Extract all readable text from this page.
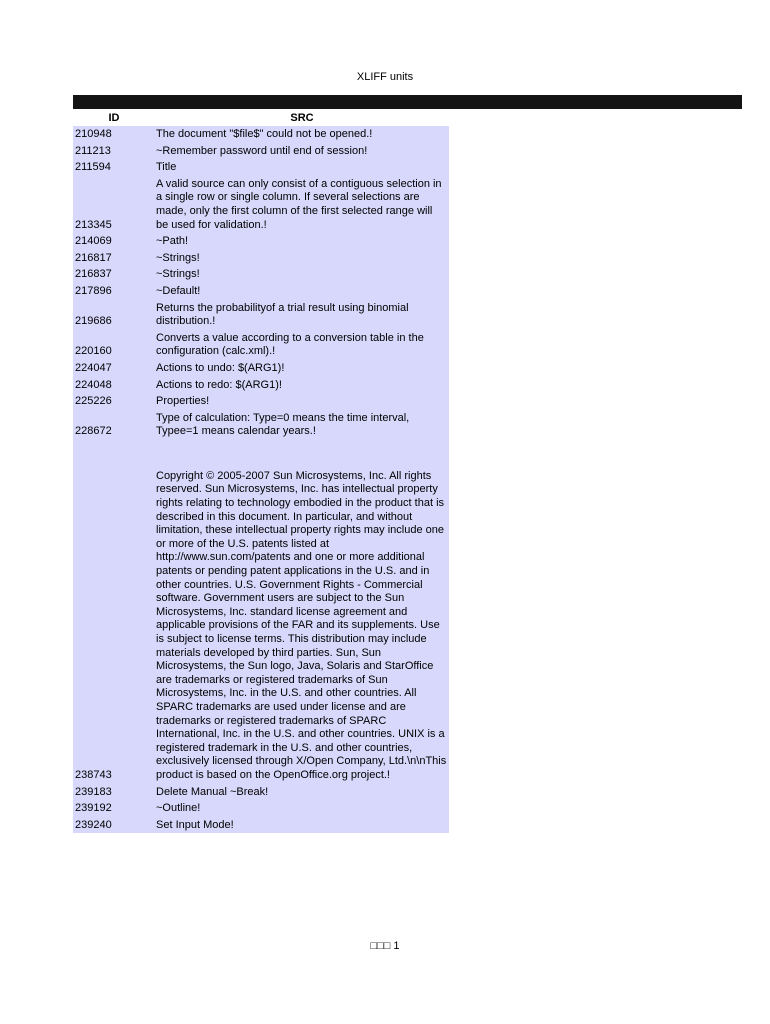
XLIFF units
ID	SRC
210948	The document "$file$" could not be opened.!
211213	~Remember password until end of session!
211594	Title
213345	A valid source can only consist of a contiguous selection in a single row or single column. If several selections are made, only the first column of the first selected range will be used for validation.!
214069	~Path!
216817	~Strings!
216837	~Strings!
217896	~Default!
219686	Returns the probabilityof a trial result using binomial distribution.!
220160	Converts a value according to a conversion table in the configuration (calc.xml).!
224047	Actions to undo: $(ARG1)!
224048	Actions to redo: $(ARG1)!
225226	Properties!
228672	Type of calculation: Type=0 means the time interval, Typee=1 means calendar years.!
238743	Copyright © 2005-2007 Sun Microsystems, Inc. All rights reserved. Sun Microsystems, Inc. has intellectual property rights relating to technology embodied in the product that is described in this document. In particular, and without limitation, these intellectual property rights may include one or more of the U.S. patents listed at http://www.sun.com/patents and one or more additional patents or pending patent applications in the U.S. and in other countries. U.S. Government Rights - Commercial software. Government users are subject to the Sun Microsystems, Inc. standard license agreement and applicable provisions of the FAR and its supplements. Use is subject to license terms. This distribution may include materials developed by third parties. Sun, Sun Microsystems, the Sun logo, Java, Solaris and StarOffice are trademarks or registered trademarks of Sun Microsystems, Inc. in the U.S. and other countries. All SPARC trademarks are used under license and are trademarks or registered trademarks of SPARC International, Inc. in the U.S. and other countries. UNIX is a registered trademark in the U.S. and other countries, exclusively licensed through X/Open Company, Ltd.\n\nThis product is based on the OpenOffice.org project.!
239183	Delete Manual ~Break!
239192	~Outline!
239240	Set Input Mode!
□□□ 1
